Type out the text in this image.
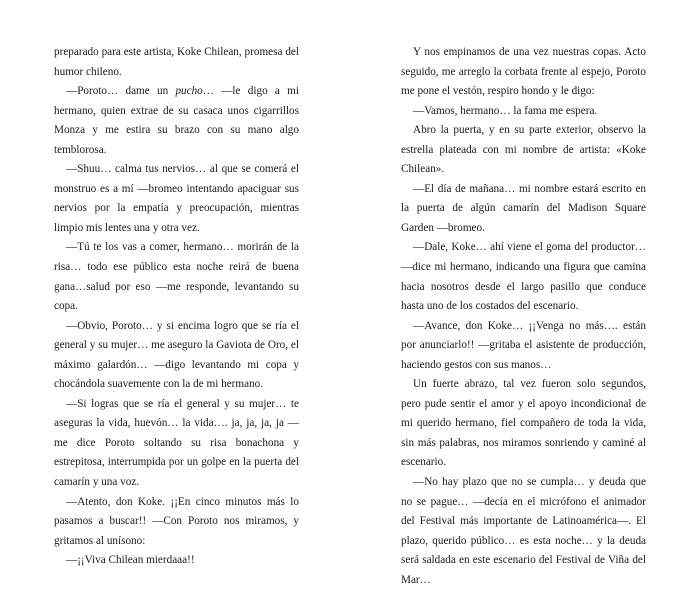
preparado para este artista, Koke Chilean, promesa del humor chileno.

—Poroto… dame un pucho… —le digo a mi hermano, quien extrae de su casaca unos cigarrillos Monza y me estira su brazo con su mano algo temblorosa.

—Shuu… calma tus nervios… al que se comerá el monstruo es a mí —bromeo intentando apaciguar sus nervios por la empatía y preocupación, mientras limpio mis lentes una y otra vez.

—Tú te los vas a comer, hermano… morirán de la risa… todo ese público esta noche reirá de buena gana…salud por eso —me responde, levantando su copa.

—Obvio, Poroto… y si encima logro que se ría el general y su mujer… me aseguro la Gaviota de Oro, el máximo galardón… —digo levantando mi copa y chocándola suavemente con la de mi hermano.

—Si logras que se ría el general y su mujer… te aseguras la vida, huevón… la vida…. ja, ja, ja, ja —me dice Poroto soltando su risa bonachona y estrepitosa, interrumpida por un golpe en la puerta del camarín y una voz.

—Atento, don Koke. ¡¡En cinco minutos más lo pasamos a buscar!! —Con Poroto nos miramos, y gritamos al unísono:

—¡¡Viva Chilean mierdaaa!!

Y nos empinamos de una vez nuestras copas. Acto seguido, me arreglo la corbata frente al espejo, Poroto me pone el vestón, respiro hondo y le digo:

—Vamos, hermano… la fama me espera.

Abro la puerta, y en su parte exterior, observo la estrella plateada con mi nombre de artista: «Koke Chilean».

—El día de mañana… mi nombre estará escrito en la puerta de algún camarín del Madison Square Garden —bromeo.

—Dale, Koke… ahí viene el goma del productor… —dice mi hermano, indicando una figura que camina hacia nosotros desde el largo pasillo que conduce hasta uno de los costados del escenario.

—Avance, don Koke… ¡¡Venga no más…. están por anunciarlo!! —gritaba el asistente de producción, haciendo gestos con sus manos…

Un fuerte abrazo, tal vez fueron solo segundos, pero pude sentir el amor y el apoyo incondicional de mi querido hermano, fiel compañero de toda la vida, sin más palabras, nos miramos sonriendo y caminé al escenario.

—No hay plazo que no se cumpla… y deuda que no se pague… —decía en el micrófono el animador del Festival más importante de Latinoamérica—. El plazo, querido público… es esta noche… y la deuda será saldada en este escenario del Festival de Viña del Mar…
